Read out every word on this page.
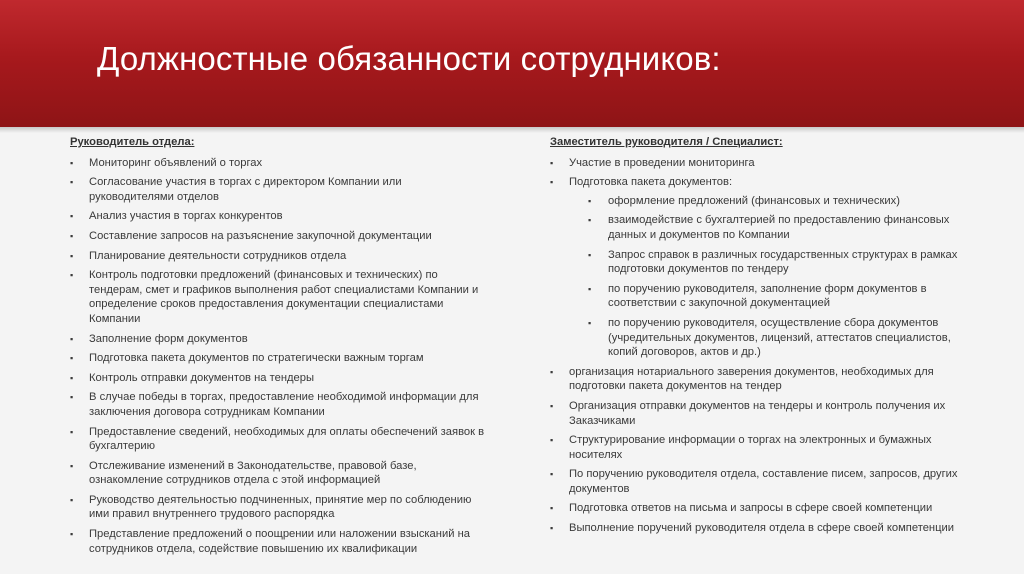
Должностные обязанности сотрудников:
Руководитель отдела:
▪ Мониторинг объявлений о торгах
▪ Согласование участия в торгах с директором Компании или руководителями отделов
▪ Анализ участия в торгах конкурентов
▪ Составление запросов на разъяснение закупочной документации
▪ Планирование деятельности сотрудников отдела
▪ Контроль подготовки предложений (финансовых и технических) по тендерам, смет и графиков выполнения работ специалистами Компании и определение сроков предоставления документации специалистами Компании
▪ Заполнение форм документов
▪ Подготовка пакета документов по стратегически важным торгам
▪ Контроль отправки документов на тендеры
▪ В случае победы в торгах, предоставление необходимой информации для заключения договора сотрудникам Компании
▪ Предоставление сведений, необходимых для оплаты обеспечений заявок в бухгалтерию
▪ Отслеживание изменений в Законодательстве, правовой базе, ознакомление сотрудников отдела с этой информацией
▪ Руководство деятельностью подчиненных, принятие мер по соблюдению ими правил внутреннего трудового распорядка
▪ Представление предложений о поощрении или наложении взысканий на сотрудников отдела, содействие повышению их квалификации
Заместитель руководителя / Специалист:
▪ Участие в проведении мониторинга
▪ Подготовка пакета документов:
▪ оформление предложений (финансовых и технических)
▪ взаимодействие с бухгалтерией по предоставлению финансовых данных и документов по Компании
▪ Запрос справок в различных государственных структурах в рамках подготовки документов по тендеру
▪ по поручению руководителя, заполнение форм документов в соответствии с закупочной документацией
▪ по поручению руководителя, осуществление сбора документов (учредительных документов, лицензий, аттестатов специалистов, копий договоров, актов и др.)
▪ организация нотариального заверения документов, необходимых для подготовки пакета документов на тендер
▪ Организация отправки документов на тендеры и контроль получения их Заказчиками
▪ Структурирование информации о торгах на электронных и бумажных носителях
▪ По поручению руководителя отдела, составление писем, запросов, других документов
▪ Подготовка ответов на письма и запросы в сфере своей компетенции
▪ Выполнение поручений руководителя отдела в сфере своей компетенции
